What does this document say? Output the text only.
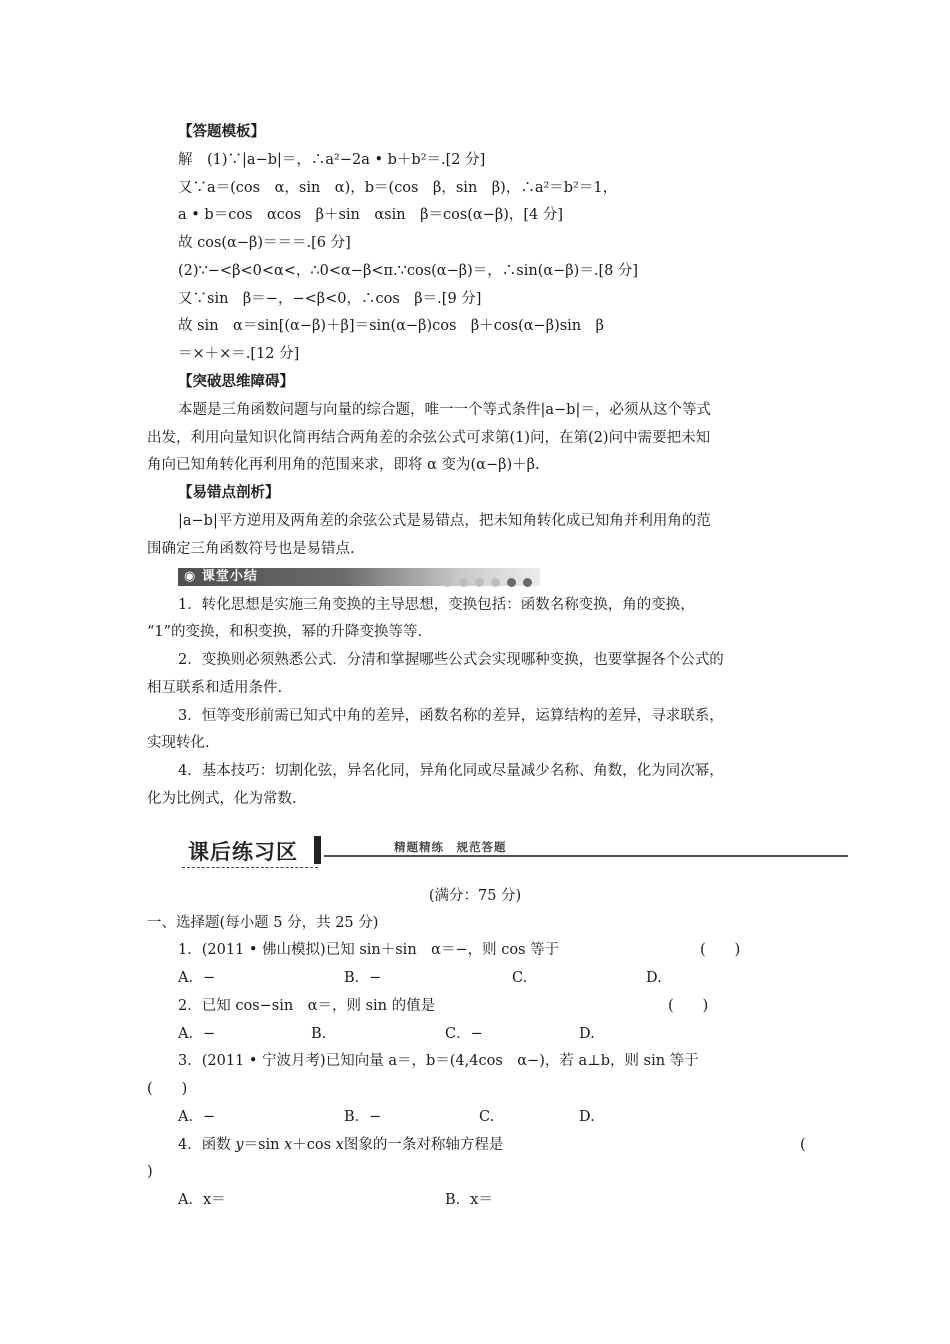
【答题模板】
解　(1)∵|a−b|＝，∴a²−2a • b＋b²＝.[2 分]
又∵a＝(cos　α，sin　α)，b＝(cos　β，sin　β)，∴a²＝b²＝1，
a • b＝cos　αcos　β＋sin　αsin　β＝cos(α−β)，[4 分]
故 cos(α−β)＝＝＝.[6 分]
(2)∵−<β<0<α<，∴0<α−β<π.∵cos(α−β)＝，∴sin(α−β)＝.[8 分]
又∵sin　β＝−，−<β<0，∴cos　β＝.[9 分]
故 sin　α＝sin[(α−β)＋β]＝sin(α−β)cos　β＋cos(α−β)sin　β
＝×＋×＝.[12 分]
【突破思维障碍】
本题是三角函数问题与向量的综合题，唯一一个等式条件|a−b|＝，必须从这个等式
出发，利用向量知识化简再结合两角差的余弦公式可求第(1)问，在第(2)问中需要把未知
角向已知角转化再利用角的范围来求，即将 α 变为(α−β)＋β.
【易错点剖析】
|a−b|平方逆用及两角差的余弦公式是易错点，把未知角转化成已知角并利用角的范
围确定三角函数符号也是易错点.
◉ 课堂小结
1．转化思想是实施三角变换的主导思想，变换包括：函数名称变换，角的变换，
“1”的变换，和积变换，幂的升降变换等等.
2．变换则必须熟悉公式．分清和掌握哪些公式会实现哪种变换，也要掌握各个公式的
相互联系和适用条件.
3．恒等变形前需已知式中角的差异，函数名称的差异，运算结构的差异，寻求联系，
实现转化.
4．基本技巧：切割化弦，异名化同，异角化同或尽量减少名称、角数，化为同次幂，
化为比例式，化为常数.
课后练习区	精题精练　规范答题
(满分：75 分)
一、选择题(每小题 5 分，共 25 分)
1．(2011 • 佛山模拟)已知 sin＋sin　α＝−，则 cos 等于	(　　)
A．−	B．−	C.	D.
2．已知 cos−sin　α＝，则 sin 的值是	(　　)
A．−	B.	C．−	D.
3．(2011 • 宁波月考)已知向量 a＝，b＝(4,4cos　α−)，若 a⊥b，则 sin 等于
(　　)
A．−	B．−	C.	D.
4．函数 y＝sin x＋cos x图象的一条对称轴方程是	(
)
A．x＝	B．x＝
